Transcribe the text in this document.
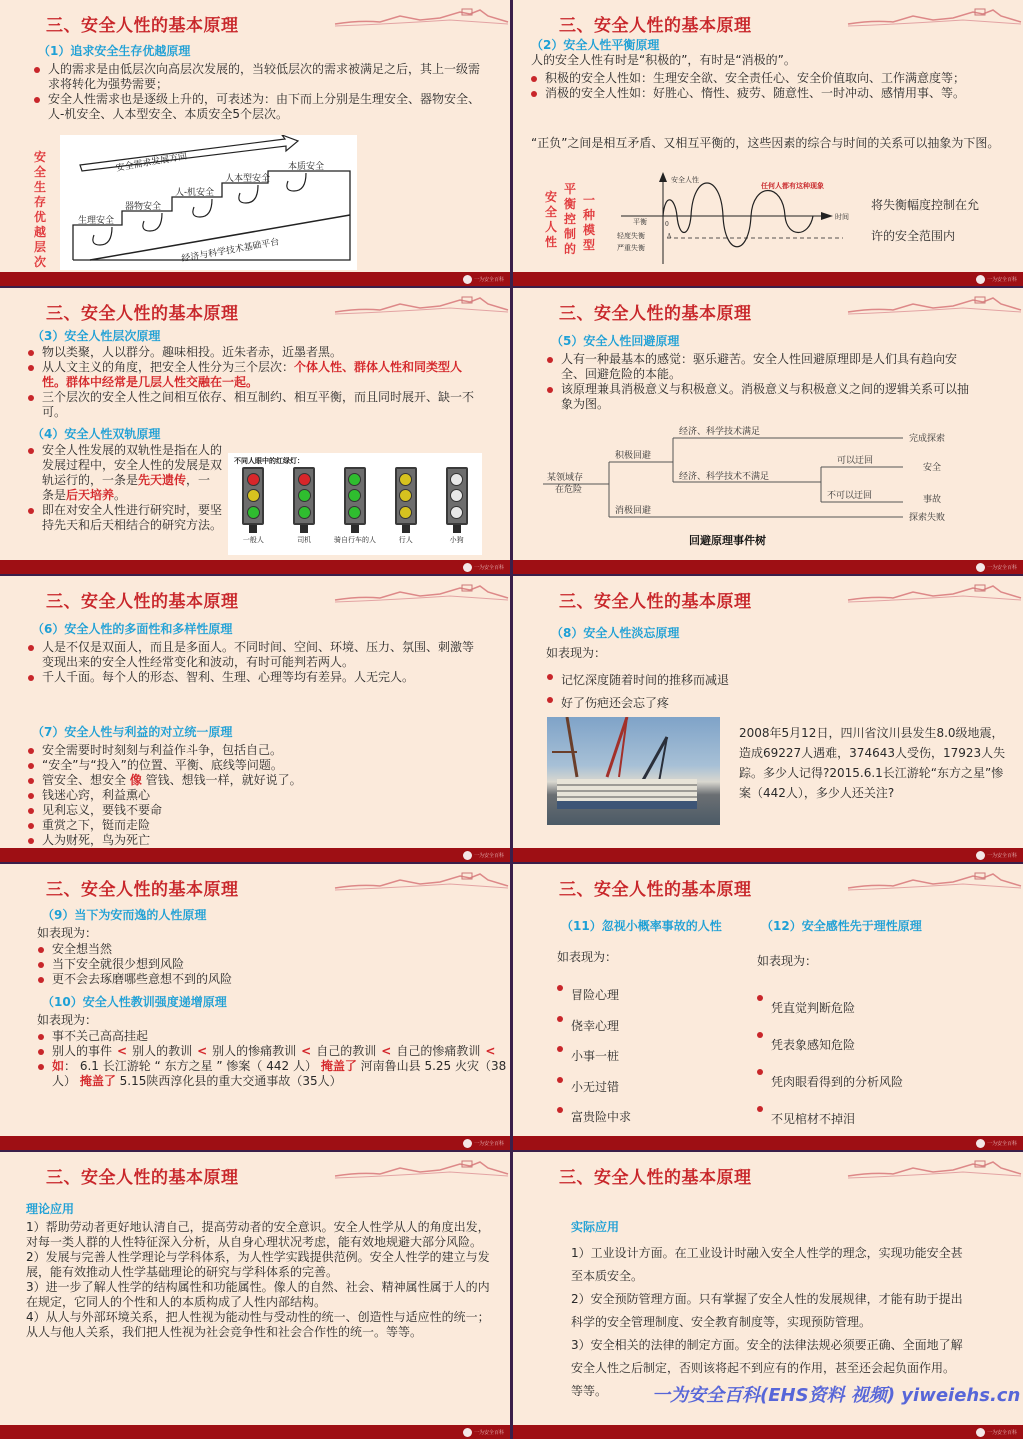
三、安全人性的基本原理
（1）追求安全生存优越原理
人的需求是由低层次向高层次发展的，当较低层次的需求被满足之后，其上一级需求将转化为强势需要；
安全人性需求也是逐级上升的，可表述为：由下而上分别是生理安全、器物安全、人-机安全、人本型安全、本质安全5个层次。
安全生存优越层次
安全需求发展方向
生理安全
器物安全
人-机安全
人本型安全
本质安全
经济与科学技术基础平台
一为安全百科
三、安全人性的基本原理
（2）安全人性平衡原理
人的安全人性有时是“积极的”，有时是“消极的”。
积极的安全人性如：生理安全欲、安全责任心、安全价值取向、工作满意度等；
消极的安全人性如：好胜心、惰性、疲劳、随意性、一时冲动、感情用事、等。
“正负”之间是相互矛盾、又相互平衡的，这些因素的综合与时间的关系可以抽象为下图。
安全人性
平衡控制的
一种模型
安全人性
时间
0
平衡
轻度失衡
严重失衡
A
任何人都有这种现象
将失衡幅度控制在允
许的安全范围内
一为安全百科
三、安全人性的基本原理
（3）安全人性层次原理
物以类聚，人以群分。趣味相投。近朱者赤，近墨者黑。
从人文主义的角度，把安全人性分为三个层次：个体人性、群体人性和同类型人性。群体中经常是几层人性交融在一起。
三个层次的安全人性之间相互依存、相互制约、相互平衡，而且同时展开、缺一不可。
（4）安全人性双轨原理
安全人性发展的双轨性是指在人的发展过程中，安全人性的发展是双轨运行的，一条是先天遗传，一条是后天培养。
即在对安全人性进行研究时，要坚持先天和后天相结合的研究方法。
不同人眼中的红绿灯：
一般人	司机	骑自行车的人	行人	小狗
一为安全百科
三、安全人性的基本原理
（5）安全人性回避原理
人有一种最基本的感觉：驱乐避苦。安全人性回避原理即是人们具有趋向安全、回避危险的本能。
该原理兼具消极意义与积极意义。消极意义与积极意义之间的逻辑关系可以抽象为图。
某领域存
在危险
积极回避
消极回避
经济、科学技术满足
经济、科学技术不满足
可以迂回
不可以迂回
完成探索
安全
事故
探索失败
回避原理事件树
一为安全百科
三、安全人性的基本原理
（6）安全人性的多面性和多样性原理
人是不仅是双面人，而且是多面人。不同时间、空间、环境、压力、氛围、刺激等变现出来的安全人性经常变化和波动，有时可能判若两人。
千人千面。每个人的形态、智利、生理、心理等均有差异。人无完人。
（7）安全人性与利益的对立统一原理
安全需要时时刻刻与利益作斗争，包括自己。
“安全”与“投入”的位置、平衡、底线等问题。
管安全、想安全 像 管钱、想钱一样，就好说了。
钱迷心窍，利益熏心
见利忘义，要钱不要命
重赏之下，铤而走险
人为财死，鸟为死亡
一为安全百科
三、安全人性的基本原理
（8）安全人性淡忘原理
如表现为：
记忆深度随着时间的推移而减退
好了伤疤还会忘了疼
2008年5月12日，四川省汶川县发生8.0级地震，造成69227人遇难，374643人受伤，17923人失踪。多少人记得?2015.6.1长江游轮“东方之星”惨案（442人），多少人还关注?
一为安全百科
三、安全人性的基本原理
（9）当下为安而逸的人性原理
如表现为：
安全想当然
当下安全就很少想到风险
更不会去琢磨哪些意想不到的风险
（10）安全人性教训强度递增原理
如表现为：
事不关己高高挂起
别人的事件 < 别人的教训 < 别人的惨痛教训 < 自己的教训 < 自己的惨痛教训 <
如： 6.1 长江游轮 “ 东方之星 ” 惨案（ 442 人） 掩盖了 河南鲁山县 5.25 火灾（38人） 掩盖了 5.15陕西淳化县的重大交通事故（35人）
一为安全百科
三、安全人性的基本原理
（11）忽视小概率事故的人性	（12）安全感性先于理性原理
如表现为：	如表现为：
冒险心理
侥幸心理
小事一桩
小无过错
富贵险中求
凭直觉判断危险
凭表象感知危险
凭肉眼看得到的分析风险
不见棺材不掉泪
一为安全百科
三、安全人性的基本原理
理论应用
1）帮助劳动者更好地认清自己，提高劳动者的安全意识。安全人性学从人的角度出发，对每一类人群的人性特征深入分析，从自身心理状况考虑，能有效地规避大部分风险。
2）发展与完善人性学理论与学科体系，为人性学实践提供范例。安全人性学的建立与发展，能有效推动人性学基础理论的研究与学科体系的完善。
3）进一步了解人性学的结构属性和功能属性。像人的自然、社会、精神属性属于人的内在规定，它同人的个性和人的本质构成了人性内部结构。
4）从人与外部环境关系，把人性视为能动性与受动性的统一、创造性与适应性的统一；从人与他人关系，我们把人性视为社会竞争性和社会合作性的统一。等等。
一为安全百科
三、安全人性的基本原理
实际应用
1）工业设计方面。在工业设计时融入安全人性学的理念，实现功能安全甚至本质安全。
2）安全预防管理方面。只有掌握了安全人性的发展规律，才能有助于提出科学的安全管理制度、安全教育制度等，实现预防管理。
3）安全相关的法律的制定方面。安全的法律法规必须要正确、全面地了解安全人性之后制定，否则该将起不到应有的作用，甚至还会起负面作用。等等。
一为安全百科
一为安全百科(EHS资料 视频) yiweiehs.cn
